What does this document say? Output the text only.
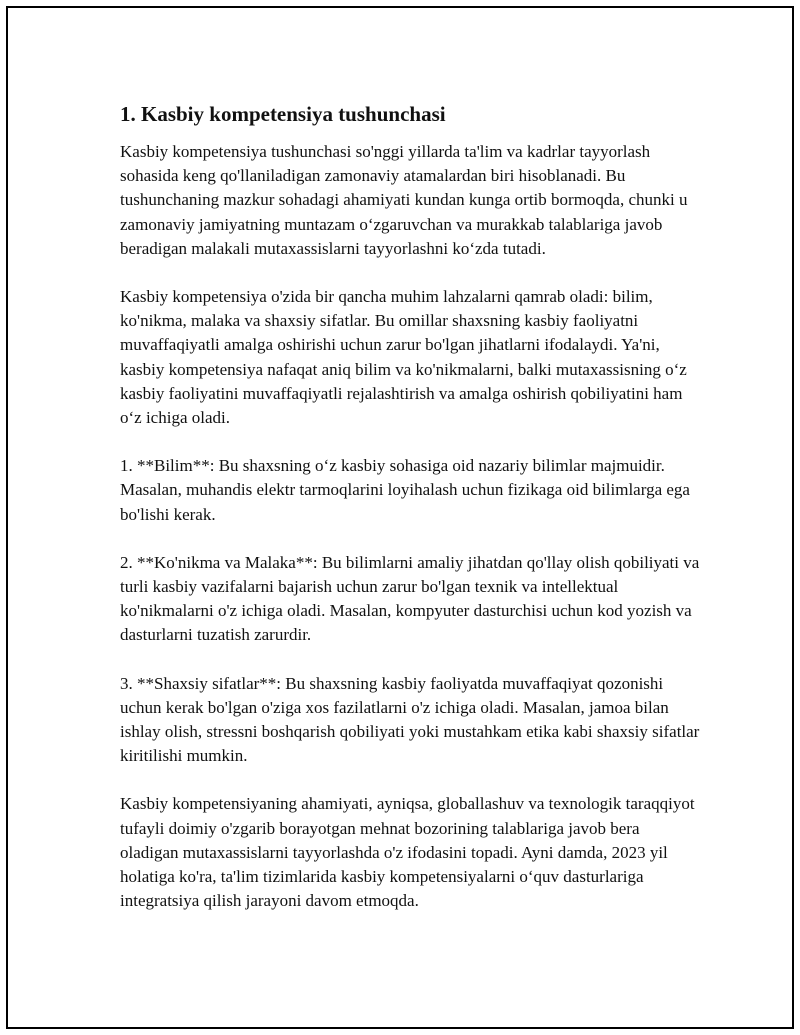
1. Kasbiy kompetensiya tushunchasi

Kasbiy kompetensiya tushunchasi so'nggi yillarda ta'lim va kadrlar tayyorlash sohasida keng qo'llaniladigan zamonaviy atamalardan biri hisoblanadi. Bu tushunchaning mazkur sohadagi ahamiyati kundan kunga ortib bormoqda, chunki u zamonaviy jamiyatning muntazam o‘zgaruvchan va murakkab talablariga javob beradigan malakali mutaxassislarni tayyorlashni ko‘zda tutadi.

Kasbiy kompetensiya o'zida bir qancha muhim lahzalarni qamrab oladi: bilim, ko'nikma, malaka va shaxsiy sifatlar. Bu omillar shaxsning kasbiy faoliyatni muvaffaqiyatli amalga oshirishi uchun zarur bo'lgan jihatlarni ifodalaydi. Ya'ni, kasbiy kompetensiya nafaqat aniq bilim va ko'nikmalarni, balki mutaxassisning o‘z kasbiy faoliyatini muvaffaqiyatli rejalashtirish va amalga oshirish qobiliyatini ham o‘z ichiga oladi.

1. **Bilim**: Bu shaxsning o‘z kasbiy sohasiga oid nazariy bilimlar majmuidir. Masalan, muhandis elektr tarmoqlarini loyihalash uchun fizikaga oid bilimlarga ega bo'lishi kerak.

2. **Ko'nikma va Malaka**: Bu bilimlarni amaliy jihatdan qo'llay olish qobiliyati va turli kasbiy vazifalarni bajarish uchun zarur bo'lgan texnik va intellektual ko'nikmalarni o'z ichiga oladi. Masalan, kompyuter dasturchisi uchun kod yozish va dasturlarni tuzatish zarurdir.

3. **Shaxsiy sifatlar**: Bu shaxsning kasbiy faoliyatda muvaffaqiyat qozonishi uchun kerak bo'lgan o'ziga xos fazilatlarni o'z ichiga oladi. Masalan, jamoa bilan ishlay olish, stressni boshqarish qobiliyati yoki mustahkam etika kabi shaxsiy sifatlar kiritilishi mumkin.

Kasbiy kompetensiyaning ahamiyati, ayniqsa, globallashuv va texnologik taraqqiyot tufayli doimiy o'zgarib borayotgan mehnat bozorining talablariga javob bera oladigan mutaxassislarni tayyorlashda o'z ifodasini topadi. Ayni damda, 2023 yil holatiga ko'ra, ta'lim tizimlarida kasbiy kompetensiyalarni o‘quv dasturlariga integratsiya qilish jarayoni davom etmoqda.
